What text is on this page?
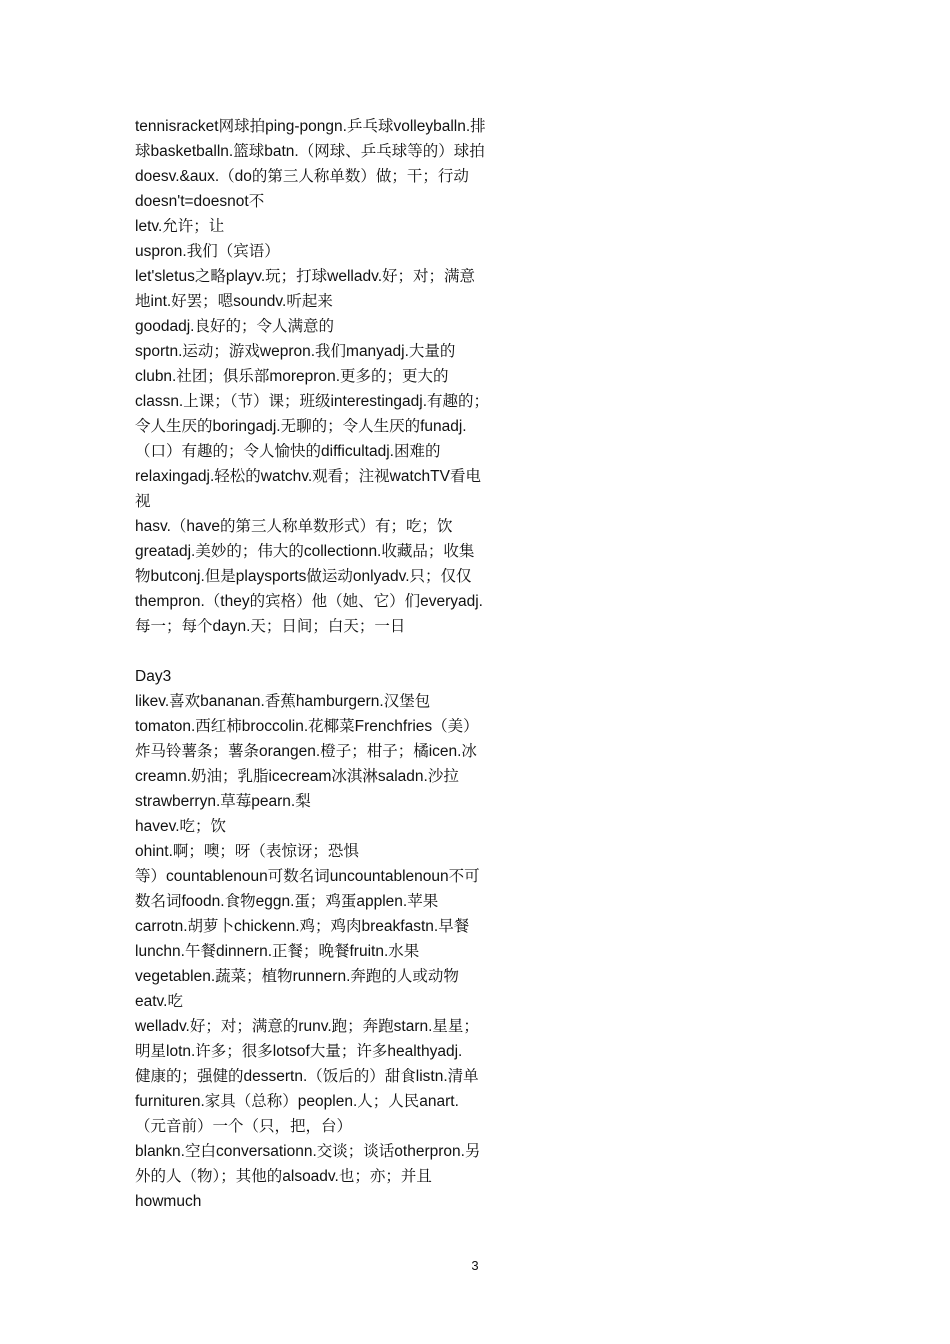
tennisracket网球拍ping-pongn.乒乓球volleyballn.排
球basketballn.篮球batn.（网球、乒乓球等的）球拍
doesv.&aux.（do的第三人称单数）做；干；行动
doesn't=doesnot不
letv.允许；让
uspron.我们（宾语）
let'sletus之略playv.玩；打球welladv.好；对；满意
地int.好罢；嗯soundv.听起来
goodadj.良好的；令人满意的
sportn.运动；游戏wepron.我们manyadj.大量的
clubn.社团；俱乐部morepron.更多的；更大的
classn.上课；（节）课；班级interestingadj.有趣的；
令人生厌的boringadj.无聊的；令人生厌的funadj.
（口）有趣的；令人愉快的difficultadj.困难的
relaxingadj.轻松的watchv.观看；注视watchTV看电
视
hasv.（have的第三人称单数形式）有；吃；饮
greatadj.美妙的；伟大的collectionn.收藏品；收集
物butconj.但是playsports做运动onlyadv.只；仅仅
thempron.（they的宾格）他（她、它）们everyadj.
每一；每个dayn.天；日间；白天；一日
Day3
likev.喜欢bananan.香蕉hamburgern.汉堡包
tomaton.西红柿broccolin.花椰菜Frenchfries（美）
炸马铃薯条；薯条orangen.橙子；柑子；橘icen.冰
creamn.奶油；乳脂icecream冰淇淋saladn.沙拉
strawberryn.草莓pearn.梨
havev.吃；饮
ohint.啊；噢；呀（表惊讶；恐惧
等）countablenoun可数名词uncountablenoun不可
数名词foodn.食物eggn.蛋；鸡蛋applen.苹果
carrotn.胡萝卜chickenn.鸡；鸡肉breakfastn.早餐
lunchn.午餐dinnern.正餐；晚餐fruitn.水果
vegetablen.蔬菜；植物runnern.奔跑的人或动物
eatv.吃
welladv.好；对；满意的runv.跑；奔跑starn.星星；
明星lotn.许多；很多lotsof大量；许多healthyadj.
健康的；强健的dessertn.（饭后的）甜食listn.清单
furnituren.家具（总称）peoplen.人；人民anart.
（元音前）一个（只，把，台）
blankn.空白conversationn.交谈；谈话otherpron.另
外的人（物）；其他的alsoadv.也；亦；并且
howmuch
3
